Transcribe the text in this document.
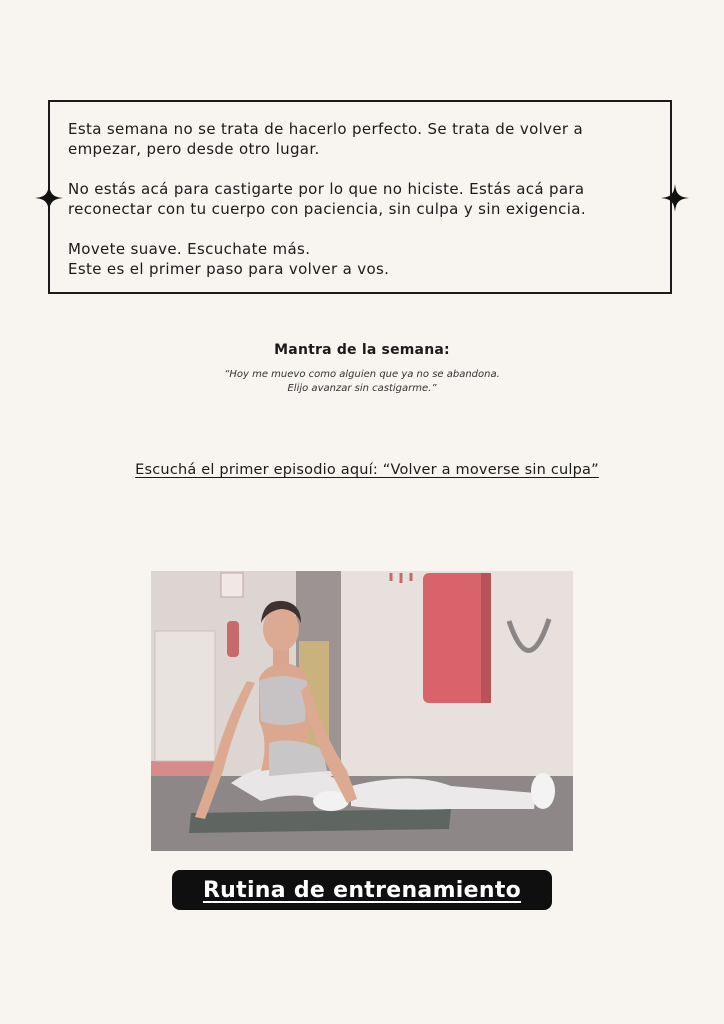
Esta semana no se trata de hacerlo perfecto. Se trata de volver a empezar, pero desde otro lugar.

No estás acá para castigarte por lo que no hiciste. Estás acá para reconectar con tu cuerpo con paciencia, sin culpa y sin exigencia.

Movete suave. Escuchate más.
Este es el primer paso para volver a vos.

Mantra de la semana:
“Hoy me muevo como alguien que ya no se abandona.
Elijo avanzar sin castigarme.”
Escuchá el primer episodio aquí: “Volver a moverse sin culpa”
Rutina de entrenamiento
